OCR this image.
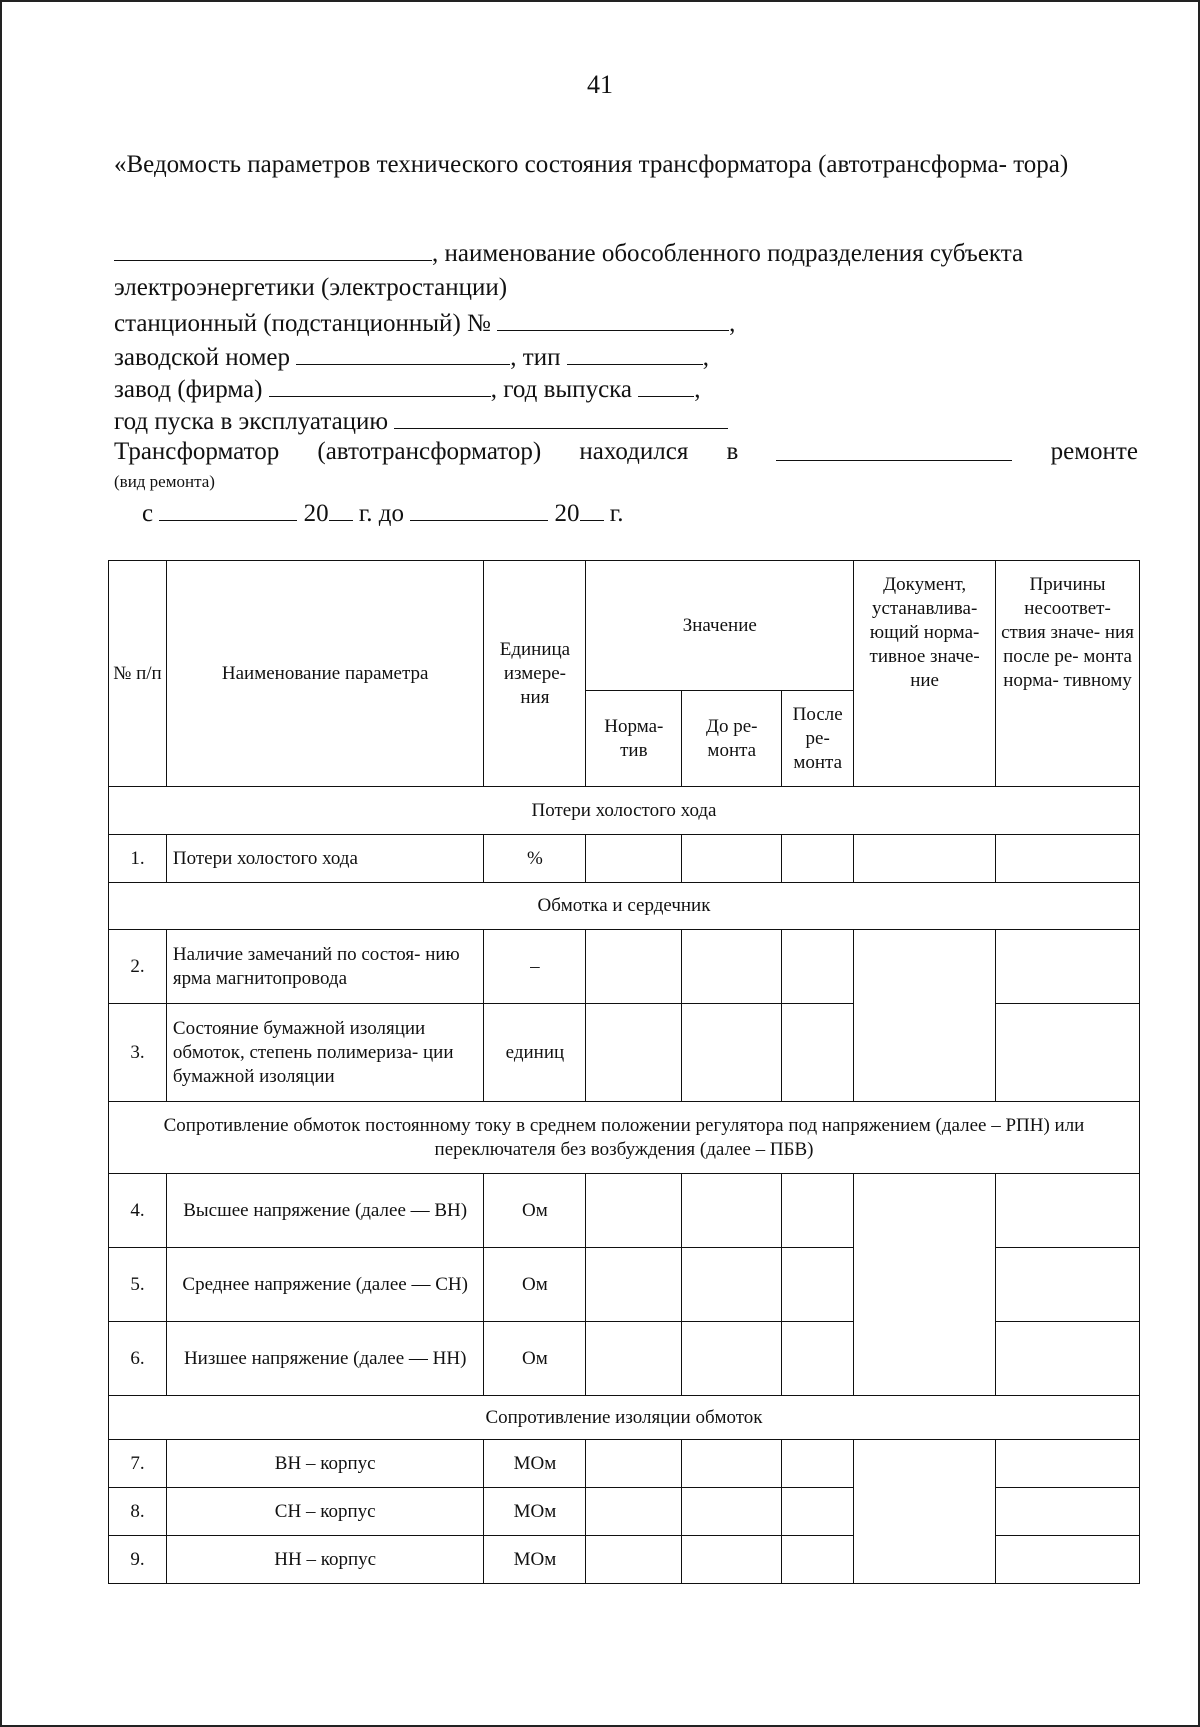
41
«Ведомость параметров технического состояния трансформатора (автотрансформа- тора)
, наименование обособленного подразделения субъекта
электроэнергетики (электростанции)
станционный (подстанционный) №	,
заводской номер	, тип	,
завод (фирма)	, год выпуска ,
год пуска в эксплуатацию
Трансформатор (автотрансформатор) находился в	ремонте
(вид ремонта)
с	20 г. до	20 г.
№ п/п	Наименование параметра	Единица измере- ния	Значение			Документ, устанавлива- ющий норма- тивное значе- ние	Причины несоответ- ствия значе- ния после ре- монта норма- тивному
			Норма- тив	До ре- монта	После ре- монта		
Потери холостого хода							
1.	Потери холостого хода	%					
Обмотка и сердечник							
2.	Наличие замечаний по состоя- нию ярма магнитопровода	–					
3.	Состояние бумажной изоляции обмоток, степень полимериза- ции бумажной изоляции	единиц					
Сопротивление обмоток постоянному току в среднем положении регулятора под напряжением (далее – РПН) или переключателя без возбуждения (далее – ПБВ)							
4.	Высшее напряжение (далее — ВН)	Ом					
5.	Среднее напряжение (далее — СН)	Ом					
6.	Низшее напряжение (далее — НН)	Ом					
Сопротивление изоляции обмоток							
7.	ВН – корпус	МОм					
8.	СН – корпус	МОм					
9.	НН – корпус	МОм					
